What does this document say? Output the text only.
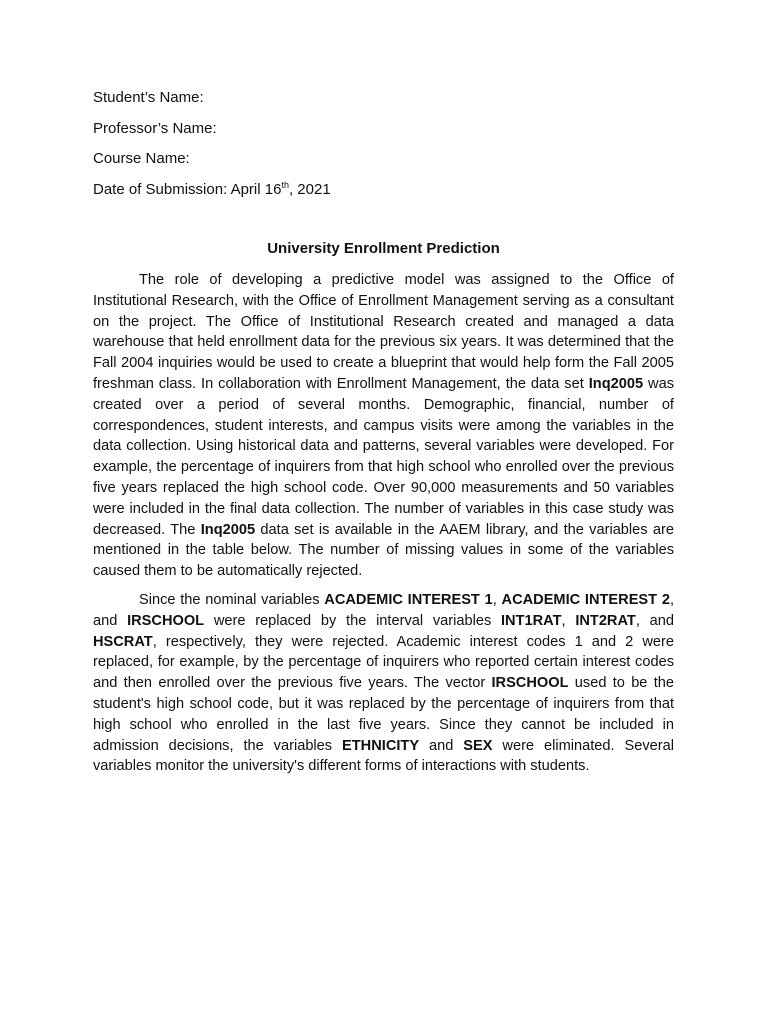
Student’s Name:
Professor’s Name:
Course Name:
Date of Submission: April 16th, 2021
University Enrollment Prediction

The role of developing a predictive model was assigned to the Office of Institutional Research, with the Office of Enrollment Management serving as a consultant on the project. The Office of Institutional Research created and managed a data warehouse that held enrollment data for the previous six years. It was determined that the Fall 2004 inquiries would be used to create a blueprint that would help form the Fall 2005 freshman class. In collaboration with Enrollment Management, the data set Inq2005 was created over a period of several months. Demographic, financial, number of correspondences, student interests, and campus visits were among the variables in the data collection. Using historical data and patterns, several variables were developed. For example, the percentage of inquirers from that high school who enrolled over the previous five years replaced the high school code. Over 90,000 measurements and 50 variables were included in the final data collection. The number of variables in this case study was decreased. The Inq2005 data set is available in the AAEM library, and the variables are mentioned in the table below. The number of missing values in some of the variables caused them to be automatically rejected.

Since the nominal variables ACADEMIC INTEREST 1, ACADEMIC INTEREST 2, and IRSCHOOL were replaced by the interval variables INT1RAT, INT2RAT, and HSCRAT, respectively, they were rejected. Academic interest codes 1 and 2 were replaced, for example, by the percentage of inquirers who reported certain interest codes and then enrolled over the previous five years. The vector IRSCHOOL used to be the student's high school code, but it was replaced by the percentage of inquirers from that high school who enrolled in the last five years. Since they cannot be included in admission decisions, the variables ETHNICITY and SEX were eliminated. Several variables monitor the university's different forms of interactions with students.
